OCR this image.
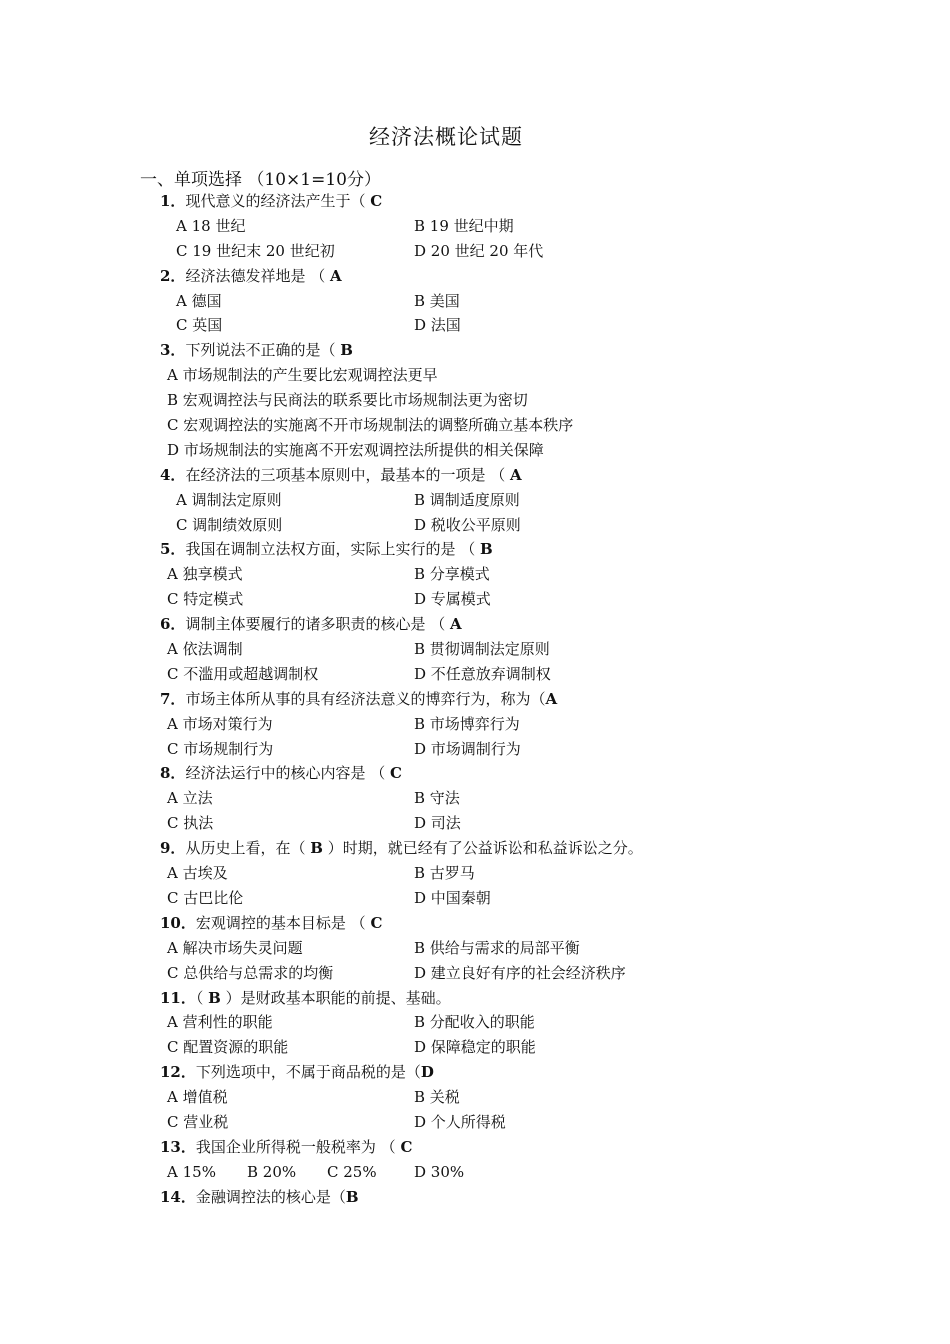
经济法概论试题
一、单项选择 （10×1=10分）
1．现代意义的经济法产生于（ C
A 18 世纪	B 19 世纪中期
C 19 世纪末 20 世纪初	D 20 世纪 20 年代
2．经济法德发祥地是 （ A
A 德国	B 美国
C 英国	D 法国
3．下列说法不正确的是（ B
A 市场规制法的产生要比宏观调控法更早
B 宏观调控法与民商法的联系要比市场规制法更为密切
C 宏观调控法的实施离不开市场规制法的调整所确立基本秩序
D 市场规制法的实施离不开宏观调控法所提供的相关保障
4．在经济法的三项基本原则中，最基本的一项是 （ A
A 调制法定原则	B 调制适度原则
C 调制绩效原则	D 税收公平原则
5．我国在调制立法权方面，实际上实行的是 （ B
A 独享模式	B 分享模式
C 特定模式	D 专属模式
6．调制主体要履行的诸多职责的核心是 （ A
A 依法调制	B 贯彻调制法定原则
C 不滥用或超越调制权	D 不任意放弃调制权
7．市场主体所从事的具有经济法意义的博弈行为，称为（A
A 市场对策行为	B 市场博弈行为
C 市场规制行为	D 市场调制行为
8．经济法运行中的核心内容是 （ C
A 立法	B 守法
C 执法	D 司法
9．从历史上看，在（ B ）时期，就已经有了公益诉讼和私益诉讼之分。
A 古埃及	B 古罗马
C 古巴比伦	D 中国秦朝
10．宏观调控的基本目标是 （ C
A 解决市场失灵问题	B 供给与需求的局部平衡
C 总供给与总需求的均衡	D 建立良好有序的社会经济秩序
11．（ B ）是财政基本职能的前提、基础。
A 营利性的职能	B 分配收入的职能
C 配置资源的职能	D 保障稳定的职能
12．下列选项中，不属于商品税的是（D
A 增值税	B 关税
C 营业税	D 个人所得税
13．我国企业所得税一般税率为 （ C
A 15% B 20% C 25% D 30%
14．金融调控法的核心是（B
